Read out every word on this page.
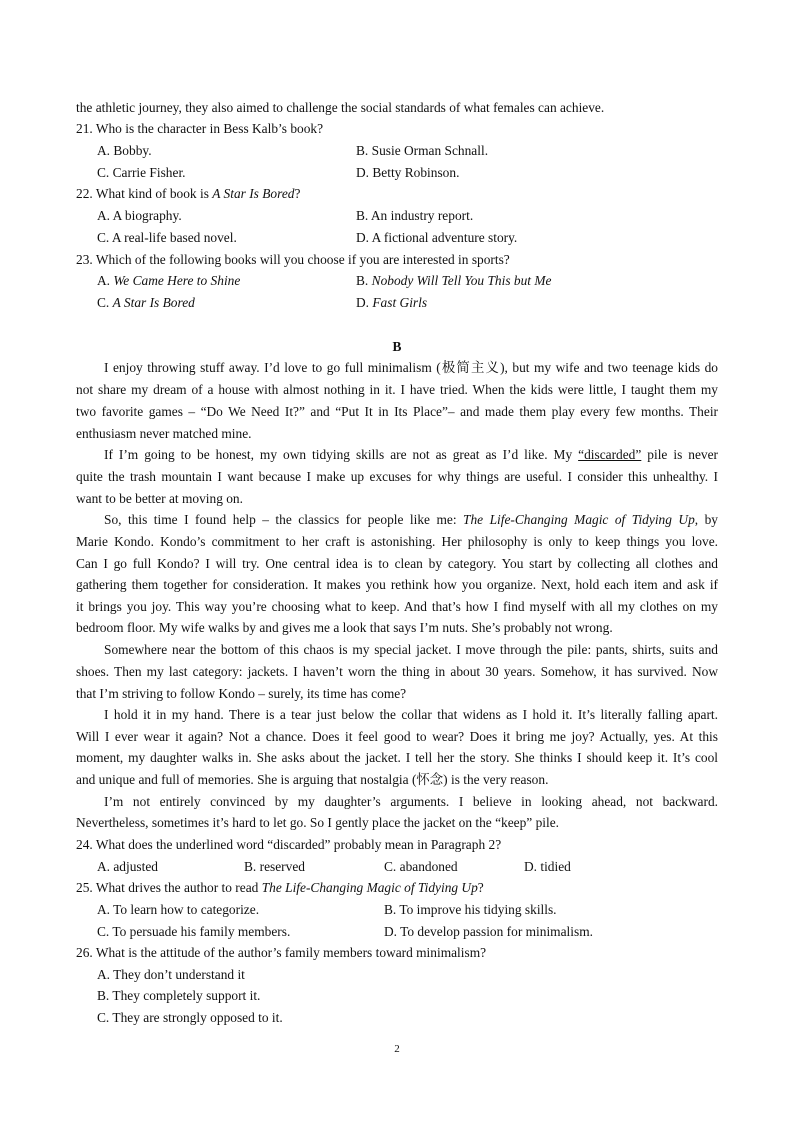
the athletic journey, they also aimed to challenge the social standards of what females can achieve.
21. Who is the character in Bess Kalb’s book?
A. Bobby.	B. Susie Orman Schnall.
C. Carrie Fisher.	D. Betty Robinson.
22. What kind of book is A Star Is Bored?
A. A biography.	B. An industry report.
C. A real-life based novel.	D. A fictional adventure story.
23. Which of the following books will you choose if you are interested in sports?
A. We Came Here to Shine	B. Nobody Will Tell You This but Me
C. A Star Is Bored	D. Fast Girls
B
I enjoy throwing stuff away. I’d love to go full minimalism (极简主义), but my wife and two teenage kids do
not share my dream of a house with almost nothing in it. I have tried. When the kids were little, I taught them my
two favorite games – “Do We Need It?” and “Put It in Its Place”– and made them play every few months. Their
enthusiasm never matched mine.
If I’m going to be honest, my own tidying skills are not as great as I’d like. My “discarded” pile is never
quite the trash mountain I want because I make up excuses for why things are useful. I consider this unhealthy. I
want to be better at moving on.
So, this time I found help – the classics for people like me: The Life-Changing Magic of Tidying Up, by
Marie Kondo. Kondo’s commitment to her craft is astonishing. Her philosophy is only to keep things you love.
Can I go full Kondo? I will try. One central idea is to clean by category. You start by collecting all clothes and
gathering them together for consideration. It makes you rethink how you organize. Next, hold each item and ask if
it brings you joy. This way you’re choosing what to keep. And that’s how I find myself with all my clothes on my
bedroom floor. My wife walks by and gives me a look that says I’m nuts. She’s probably not wrong.
Somewhere near the bottom of this chaos is my special jacket. I move through the pile: pants, shirts, suits and
shoes. Then my last category: jackets. I haven’t worn the thing in about 30 years. Somehow, it has survived. Now
that I’m striving to follow Kondo – surely, its time has come?
I hold it in my hand. There is a tear just below the collar that widens as I hold it. It’s literally falling apart.
Will I ever wear it again? Not a chance. Does it feel good to wear? Does it bring me joy? Actually, yes. At this
moment, my daughter walks in. She asks about the jacket. I tell her the story. She thinks I should keep it. It’s cool
and unique and full of memories. She is arguing that nostalgia (怀念) is the very reason.
I’m not entirely convinced by my daughter’s arguments. I believe in looking ahead, not backward.
Nevertheless, sometimes it’s hard to let go. So I gently place the jacket on the “keep” pile.
24. What does the underlined word “discarded” probably mean in Paragraph 2?
A. adjusted	B. reserved	C. abandoned	D. tidied
25. What drives the author to read The Life-Changing Magic of Tidying Up?
A. To learn how to categorize.	B. To improve his tidying skills.
C. To persuade his family members.	D. To develop passion for minimalism.
26. What is the attitude of the author’s family members toward minimalism?
A. They don’t understand it
B. They completely support it.
C. They are strongly opposed to it.
2
